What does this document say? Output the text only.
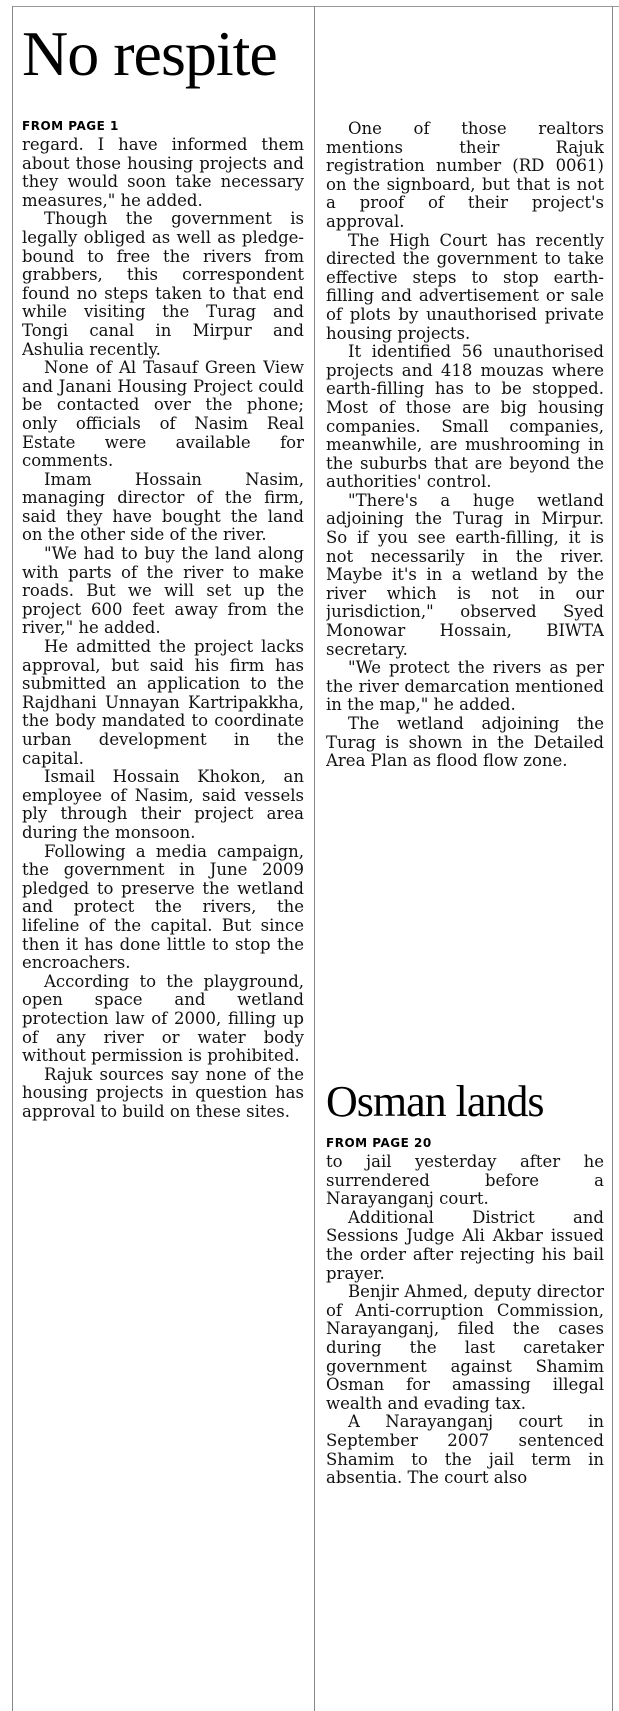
No respite
FROM PAGE 1

regard. I have informed them about those housing projects and they would soon take necessary measures," he added.

Though the government is legally obliged as well as pledge-bound to free the rivers from grabbers, this correspondent found no steps taken to that end while visiting the Turag and Tongi canal in Mirpur and Ashulia recently.

None of Al Tasauf Green View and Janani Housing Project could be contacted over the phone; only officials of Nasim Real Estate were available for comments.

Imam Hossain Nasim, managing director of the firm, said they have bought the land on the other side of the river.

"We had to buy the land along with parts of the river to make roads. But we will set up the project 600 feet away from the river," he added.

He admitted the project lacks approval, but said his firm has submitted an application to the Rajdhani Unnayan Kartripakkha, the body mandated to coordinate urban development in the capital.

Ismail Hossain Khokon, an employee of Nasim, said vessels ply through their project area during the monsoon.

Following a media campaign, the government in June 2009 pledged to preserve the wetland and protect the rivers, the lifeline of the capital. But since then it has done little to stop the encroachers.

According to the playground, open space and wetland protection law of 2000, filling up of any river or water body without permission is prohibited.

Rajuk sources say none of the housing projects in question has approval to build on these sites.

One of those realtors mentions their Rajuk registration number (RD 0061) on the signboard, but that is not a proof of their project's approval.

The High Court has recently directed the government to take effective steps to stop earth-filling and advertisement or sale of plots by unauthorised private housing projects.

It identified 56 unauthorised projects and 418 mouzas where earth-filling has to be stopped. Most of those are big housing companies. Small companies, meanwhile, are mushrooming in the suburbs that are beyond the authorities' control.

"There's a huge wetland adjoining the Turag in Mirpur. So if you see earth-filling, it is not necessarily in the river. Maybe it's in a wetland by the river which is not in our jurisdiction," observed Syed Monowar Hossain, BIWTA secretary.

"We protect the rivers as per the river demarcation mentioned in the map," he added.

The wetland adjoining the Turag is shown in the Detailed Area Plan as flood flow zone.

Osman lands
FROM PAGE 20

to jail yesterday after he surrendered before a Narayanganj court.

Additional District and Sessions Judge Ali Akbar issued the order after rejecting his bail prayer.

Benjir Ahmed, deputy director of Anti-corruption Commission, Narayanganj, filed the cases during the last caretaker government against Shamim Osman for amassing illegal wealth and evading tax.

A Narayanganj court in September 2007 sentenced Shamim to the jail term in absentia. The court also
